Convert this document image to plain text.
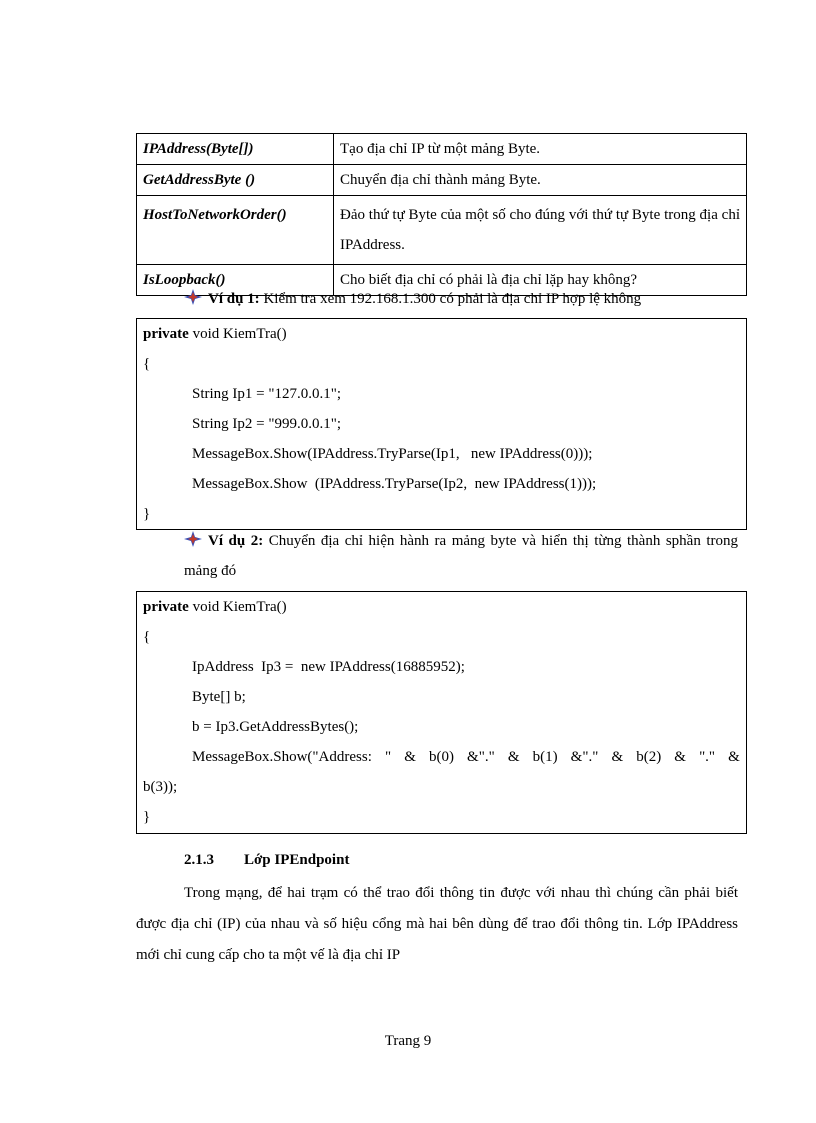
IPAddress(Byte[])	Tạo địa chỉ IP từ một mảng Byte.
GetAddressByte ()	Chuyển địa chỉ thành mảng Byte.
HostToNetworkOrder()	Đảo thứ tự Byte của một số cho đúng với thứ tự Byte trong địa chỉ IPAddress.
IsLoopback()	Cho biết địa chỉ có phải là địa chỉ lặp hay không?
Ví dụ 1: Kiểm tra xem 192.168.1.300 có phải là địa chỉ IP hợp lệ không
private void KiemTra()
{
String Ip1 = "127.0.0.1";
String Ip2 = "999.0.0.1";
MessageBox.Show(IPAddress.TryParse(Ip1,   new IPAddress(0)));
MessageBox.Show  (IPAddress.TryParse(Ip2,  new IPAddress(1)));
}
Ví dụ 2: Chuyển địa chỉ hiện hành ra mảng byte và hiển thị từng thành sphần trong mảng đó
private void KiemTra()
{
IpAddress  Ip3 =  new IPAddress(16885952);
Byte[] b;
b = Ip3.GetAddressBytes();
MessageBox.Show("Address: " & b(0) &"." & b(1) &"." & b(2) & "." &
b(3));
}
2.1.3 Lớp IPEndpoint
Trong mạng, để hai trạm có thể trao đổi thông tin được với nhau thì chúng cần phải biết được địa chỉ (IP) của nhau và số hiệu cổng mà hai bên dùng để trao đổi thông tin. Lớp IPAddress mới chỉ cung cấp cho ta một vế là địa chỉ IP
Trang 9
